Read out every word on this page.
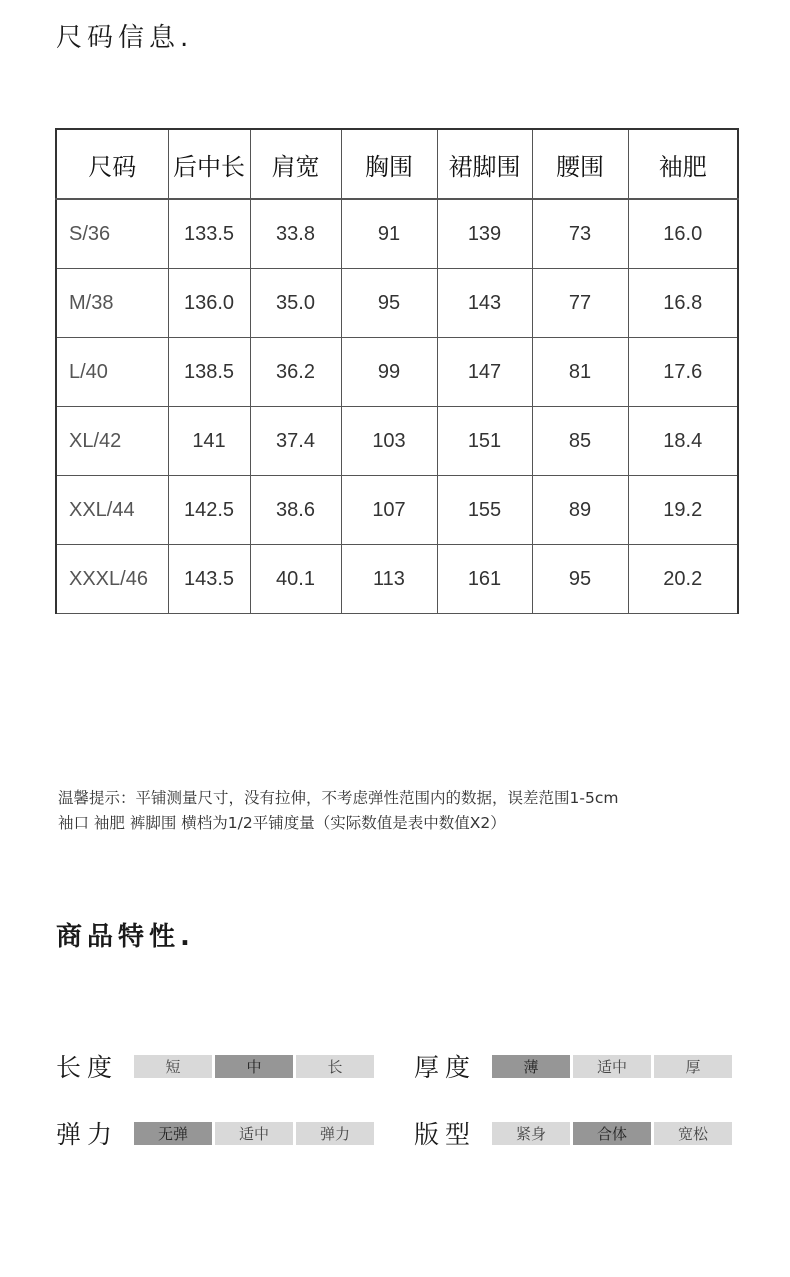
尺码信息.
尺码	后中长	肩宽	胸围	裙脚围	腰围	袖肥
S/36	133.5	33.8	91	139	73	16.0
M/38	136.0	35.0	95	143	77	16.8
L/40	138.5	36.2	99	147	81	17.6
XL/42	141	37.4	103	151	85	18.4
XXL/44	142.5	38.6	107	155	89	19.2
XXXL/46	143.5	40.1	113	161	95	20.2
温馨提示：平铺测量尺寸，没有拉伸，不考虑弹性范围内的数据，误差范围1-5cm
袖口 袖肥 裤脚围 横档为1/2平铺度量（实际数值是表中数值X2）
商品特性.
长度	短	中	长	厚度	薄	适中	厚
弹力	无弹	适中	弹力	版型	紧身	合体	宽松
